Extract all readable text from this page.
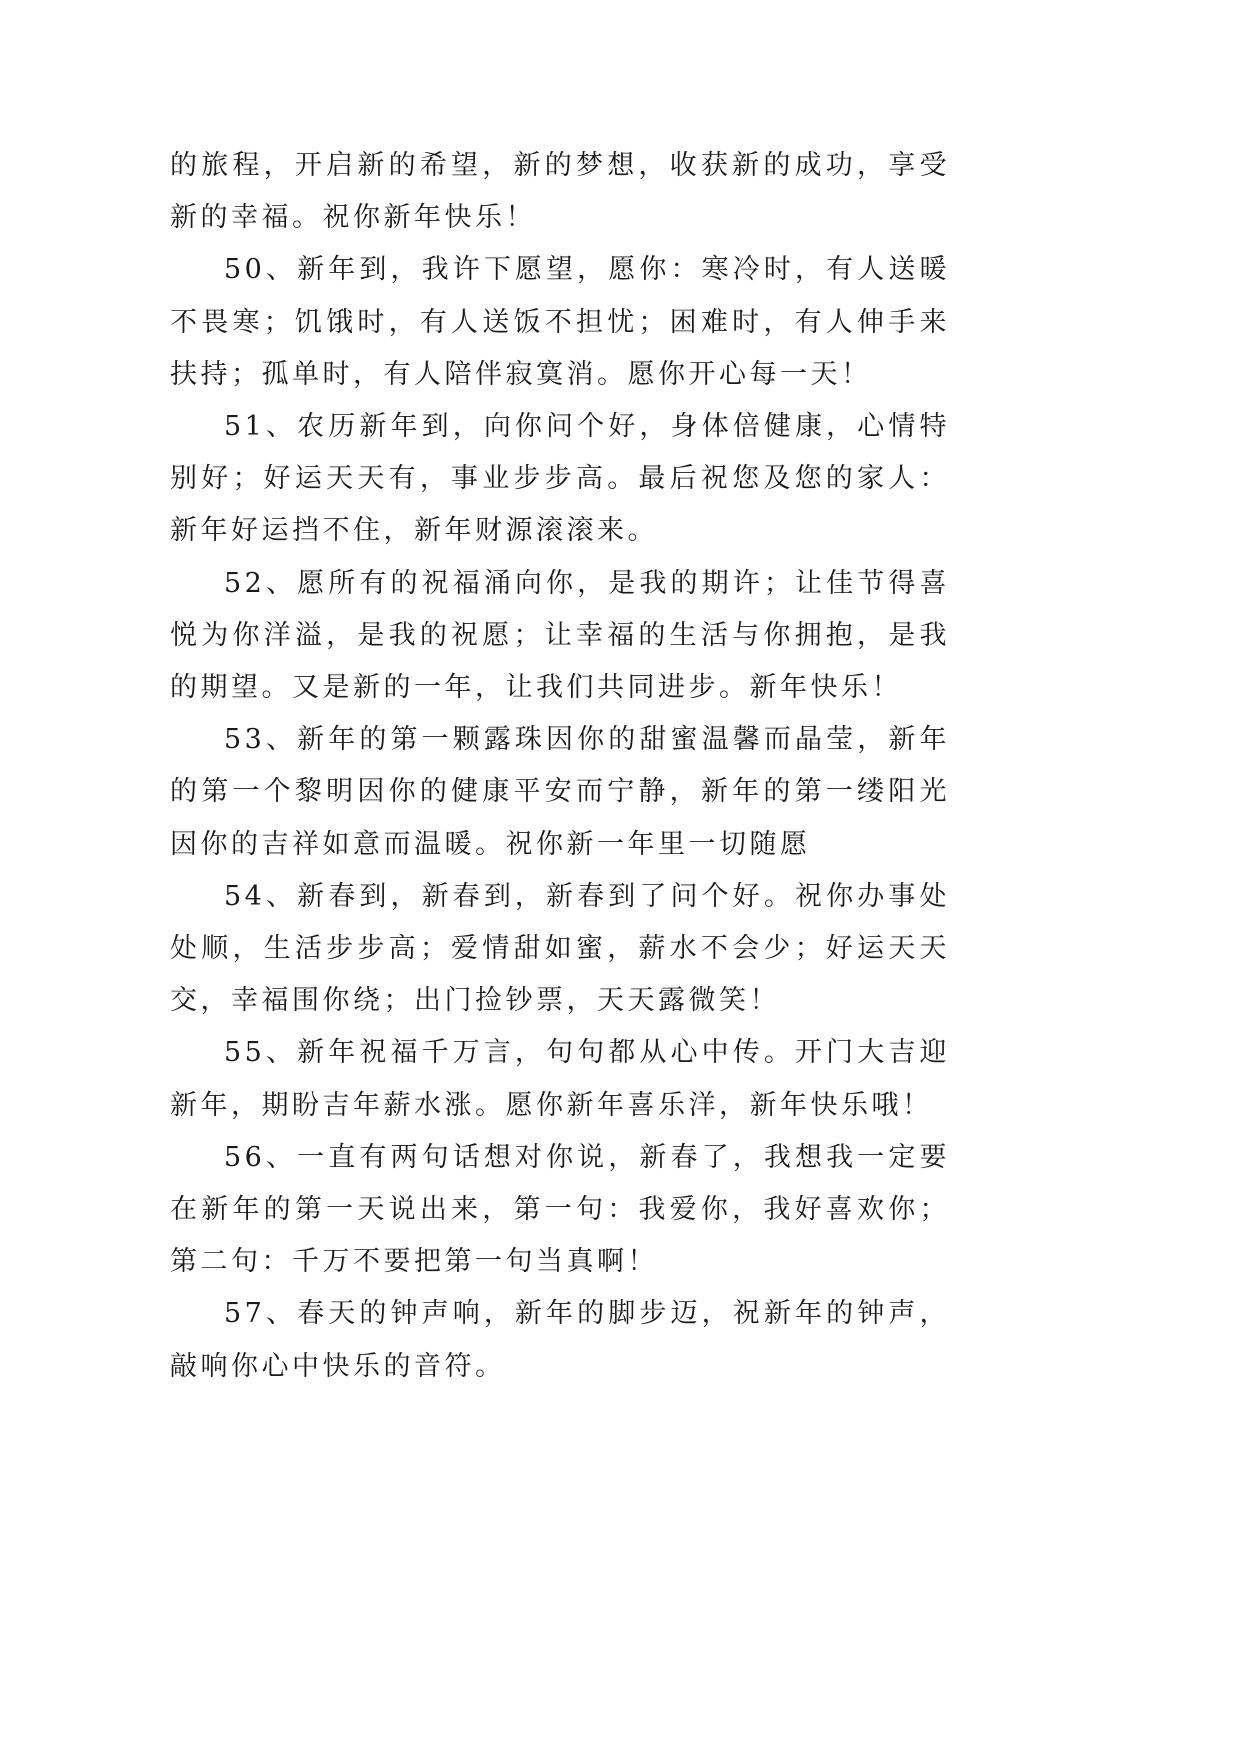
的旅程，开启新的希望，新的梦想，收获新的成功，享受新的幸福。祝你新年快乐！

50、新年到，我许下愿望，愿你：寒冷时，有人送暖不畏寒；饥饿时，有人送饭不担忧；困难时，有人伸手来扶持；孤单时，有人陪伴寂寞消。愿你开心每一天！

51、农历新年到，向你问个好，身体倍健康，心情特别好；好运天天有，事业步步高。最后祝您及您的家人：新年好运挡不住，新年财源滚滚来。

52、愿所有的祝福涌向你，是我的期许；让佳节得喜悦为你洋溢，是我的祝愿；让幸福的生活与你拥抱，是我的期望。又是新的一年，让我们共同进步。新年快乐！

53、新年的第一颗露珠因你的甜蜜温馨而晶莹，新年的第一个黎明因你的健康平安而宁静，新年的第一缕阳光因你的吉祥如意而温暖。祝你新一年里一切随愿

54、新春到，新春到，新春到了问个好。祝你办事处处顺，生活步步高；爱情甜如蜜，薪水不会少；好运天天交，幸福围你绕；出门捡钞票，天天露微笑！

55、新年祝福千万言，句句都从心中传。开门大吉迎新年，期盼吉年薪水涨。愿你新年喜乐洋，新年快乐哦！

56、一直有两句话想对你说，新春了，我想我一定要在新年的第一天说出来，第一句：我爱你，我好喜欢你；第二句：千万不要把第一句当真啊！

57、春天的钟声响，新年的脚步迈，祝新年的钟声，敲响你心中快乐的音符。
